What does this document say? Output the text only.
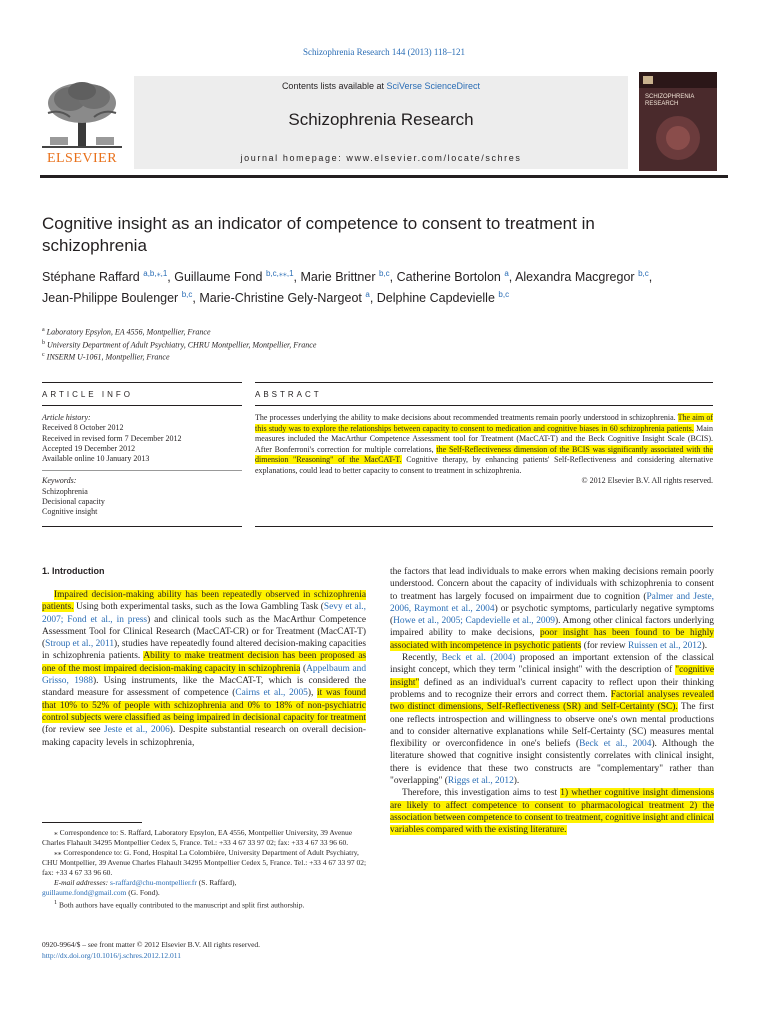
Schizophrenia Research 144 (2013) 118–121
ELSEVIER
Contents lists available at SciVerse ScienceDirect
Schizophrenia Research
journal homepage: www.elsevier.com/locate/schres
SCHIZOPHRENIA RESEARCH
Cognitive insight as an indicator of competence to consent to treatment in schizophrenia
Stéphane Raffard $^{a,b,⁎,1}$, Guillaume Fond $^{b,c,⁎⁎,1}$, Marie Brittner $^{b,c}$, Catherine Bortolon $^a$, Alexandra Macgregor $^{b,c}$, Jean-Philippe Boulenger $^{b,c}$, Marie-Christine Gely-Nargeot $^a$, Delphine Capdevielle $^{b,c}$
$^a$ Laboratory Epsylon, EA 4556, Montpellier, France
$^b$ University Department of Adult Psychiatry, CHRU Montpellier, Montpellier, France
$^c$ INSERM U-1061, Montpellier, France
ARTICLE INFO	ABSTRACT
Article history:
Received 8 October 2012
Received in revised form 7 December 2012
Accepted 19 December 2012
Available online 10 January 2013
Keywords:
Schizophrenia
Decisional capacity
Cognitive insight
The processes underlying the ability to make decisions about recommended treatments remain poorly understood in schizophrenia. The aim of this study was to explore the relationships between capacity to consent to medication and cognitive biases in 60 schizophrenia patients. Main measures included the MacArthur Competence Assessment tool for Treatment (MacCAT-T) and the Beck Cognitive Insight Scale (BCIS). After Bonferroni's correction for multiple correlations, the Self-Reflectiveness dimension of the BCIS was significantly associated with the dimension "Reasoning" of the MacCAT-T. Cognitive therapy, by enhancing patients' Self-Reflectiveness and considering alternative explanations, could lead to better capacity to consent to treatment in schizophrenia.
© 2012 Elsevier B.V. All rights reserved.
1. Introduction

Impaired decision-making ability has been repeatedly observed in schizophrenia patients. Using both experimental tasks, such as the Iowa Gambling Task (Sevy et al., 2007; Fond et al., in press) and clinical tools such as the MacArthur Competence Assessment Tool for Clinical Research (MacCAT-CR) or for Treatment (MacCAT-T) (Stroup et al., 2011), studies have repeatedly found altered decision-making capacities in schizophrenia patients. Ability to make treatment decision has been proposed as one of the most impaired decision-making capacity in schizophrenia (Appelbaum and Grisso, 1988). Using instruments, like the MacCAT-T, which is considered the standard measure for assessment of competence (Cairns et al., 2005), it was found that 10% to 52% of people with schizophrenia and 0% to 18% of non-psychiatric control subjects were classified as being impaired in decisional capacity for treatment (for review see Jeste et al., 2006). Despite substantial research on overall decision-making capacity levels in schizophrenia,

the factors that lead individuals to make errors when making decisions remain poorly understood. Concern about the capacity of individuals with schizophrenia to consent to treatment has largely focused on impairment due to cognition (Palmer and Jeste, 2006, Raymont et al., 2004) or psychotic symptoms, particularly negative symptoms (Howe et al., 2005; Capdevielle et al., 2009). Among other clinical factors underlying impaired ability to make decisions, poor insight has been found to be highly associated with incompetence in psychotic patients (for review Ruissen et al., 2012).

Recently, Beck et al. (2004) proposed an important extension of the classical insight concept, which they term "clinical insight" with the description of "cognitive insight" defined as an individual's current capacity to reflect upon their thinking problems and to recognize their errors and correct them. Factorial analyses revealed two distinct dimensions, Self-Reflectiveness (SR) and Self-Certainty (SC). The first one reflects introspection and willingness to observe one's own mental productions and to consider alternative explanations while Self-Certainty (SC) measures mental flexibility or overconfidence in one's beliefs (Beck et al., 2004). Although the literature showed that cognitive insight consistently correlates with clinical insight, there is evidence that these two constructs are "complementary" rather than "overlapping" (Riggs et al., 2012).

Therefore, this investigation aims to test 1) whether cognitive insight dimensions are likely to affect competence to consent to pharmacological treatment 2) the association between competence to consent to treatment, cognitive insight and clinical variables compared with the existing literature.

⁎ Correspondence to: S. Raffard, Laboratory Epsylon, EA 4556, Montpellier University, 39 Avenue Charles Flahault 34295 Montpellier Cedex 5, France. Tel.: +33 4 67 33 97 02; fax: +33 4 67 33 96 60.

⁎⁎ Correspondence to: G. Fond, Hospital La Colombière, University Department of Adult Psychiatry, CHU Montpellier, 39 Avenue Charles Flahault 34295 Montpellier Cedex 5, France. Tel.: +33 4 67 33 97 02; fax: +33 4 67 33 96 60.

E-mail addresses: s-raffard@chu-montpellier.fr (S. Raffard),
guillaume.fond@gmail.com (G. Fond).

$^1$ Both authors have equally contributed to the manuscript and split first authorship.

0920-9964/$ – see front matter © 2012 Elsevier B.V. All rights reserved.
http://dx.doi.org/10.1016/j.schres.2012.12.011
